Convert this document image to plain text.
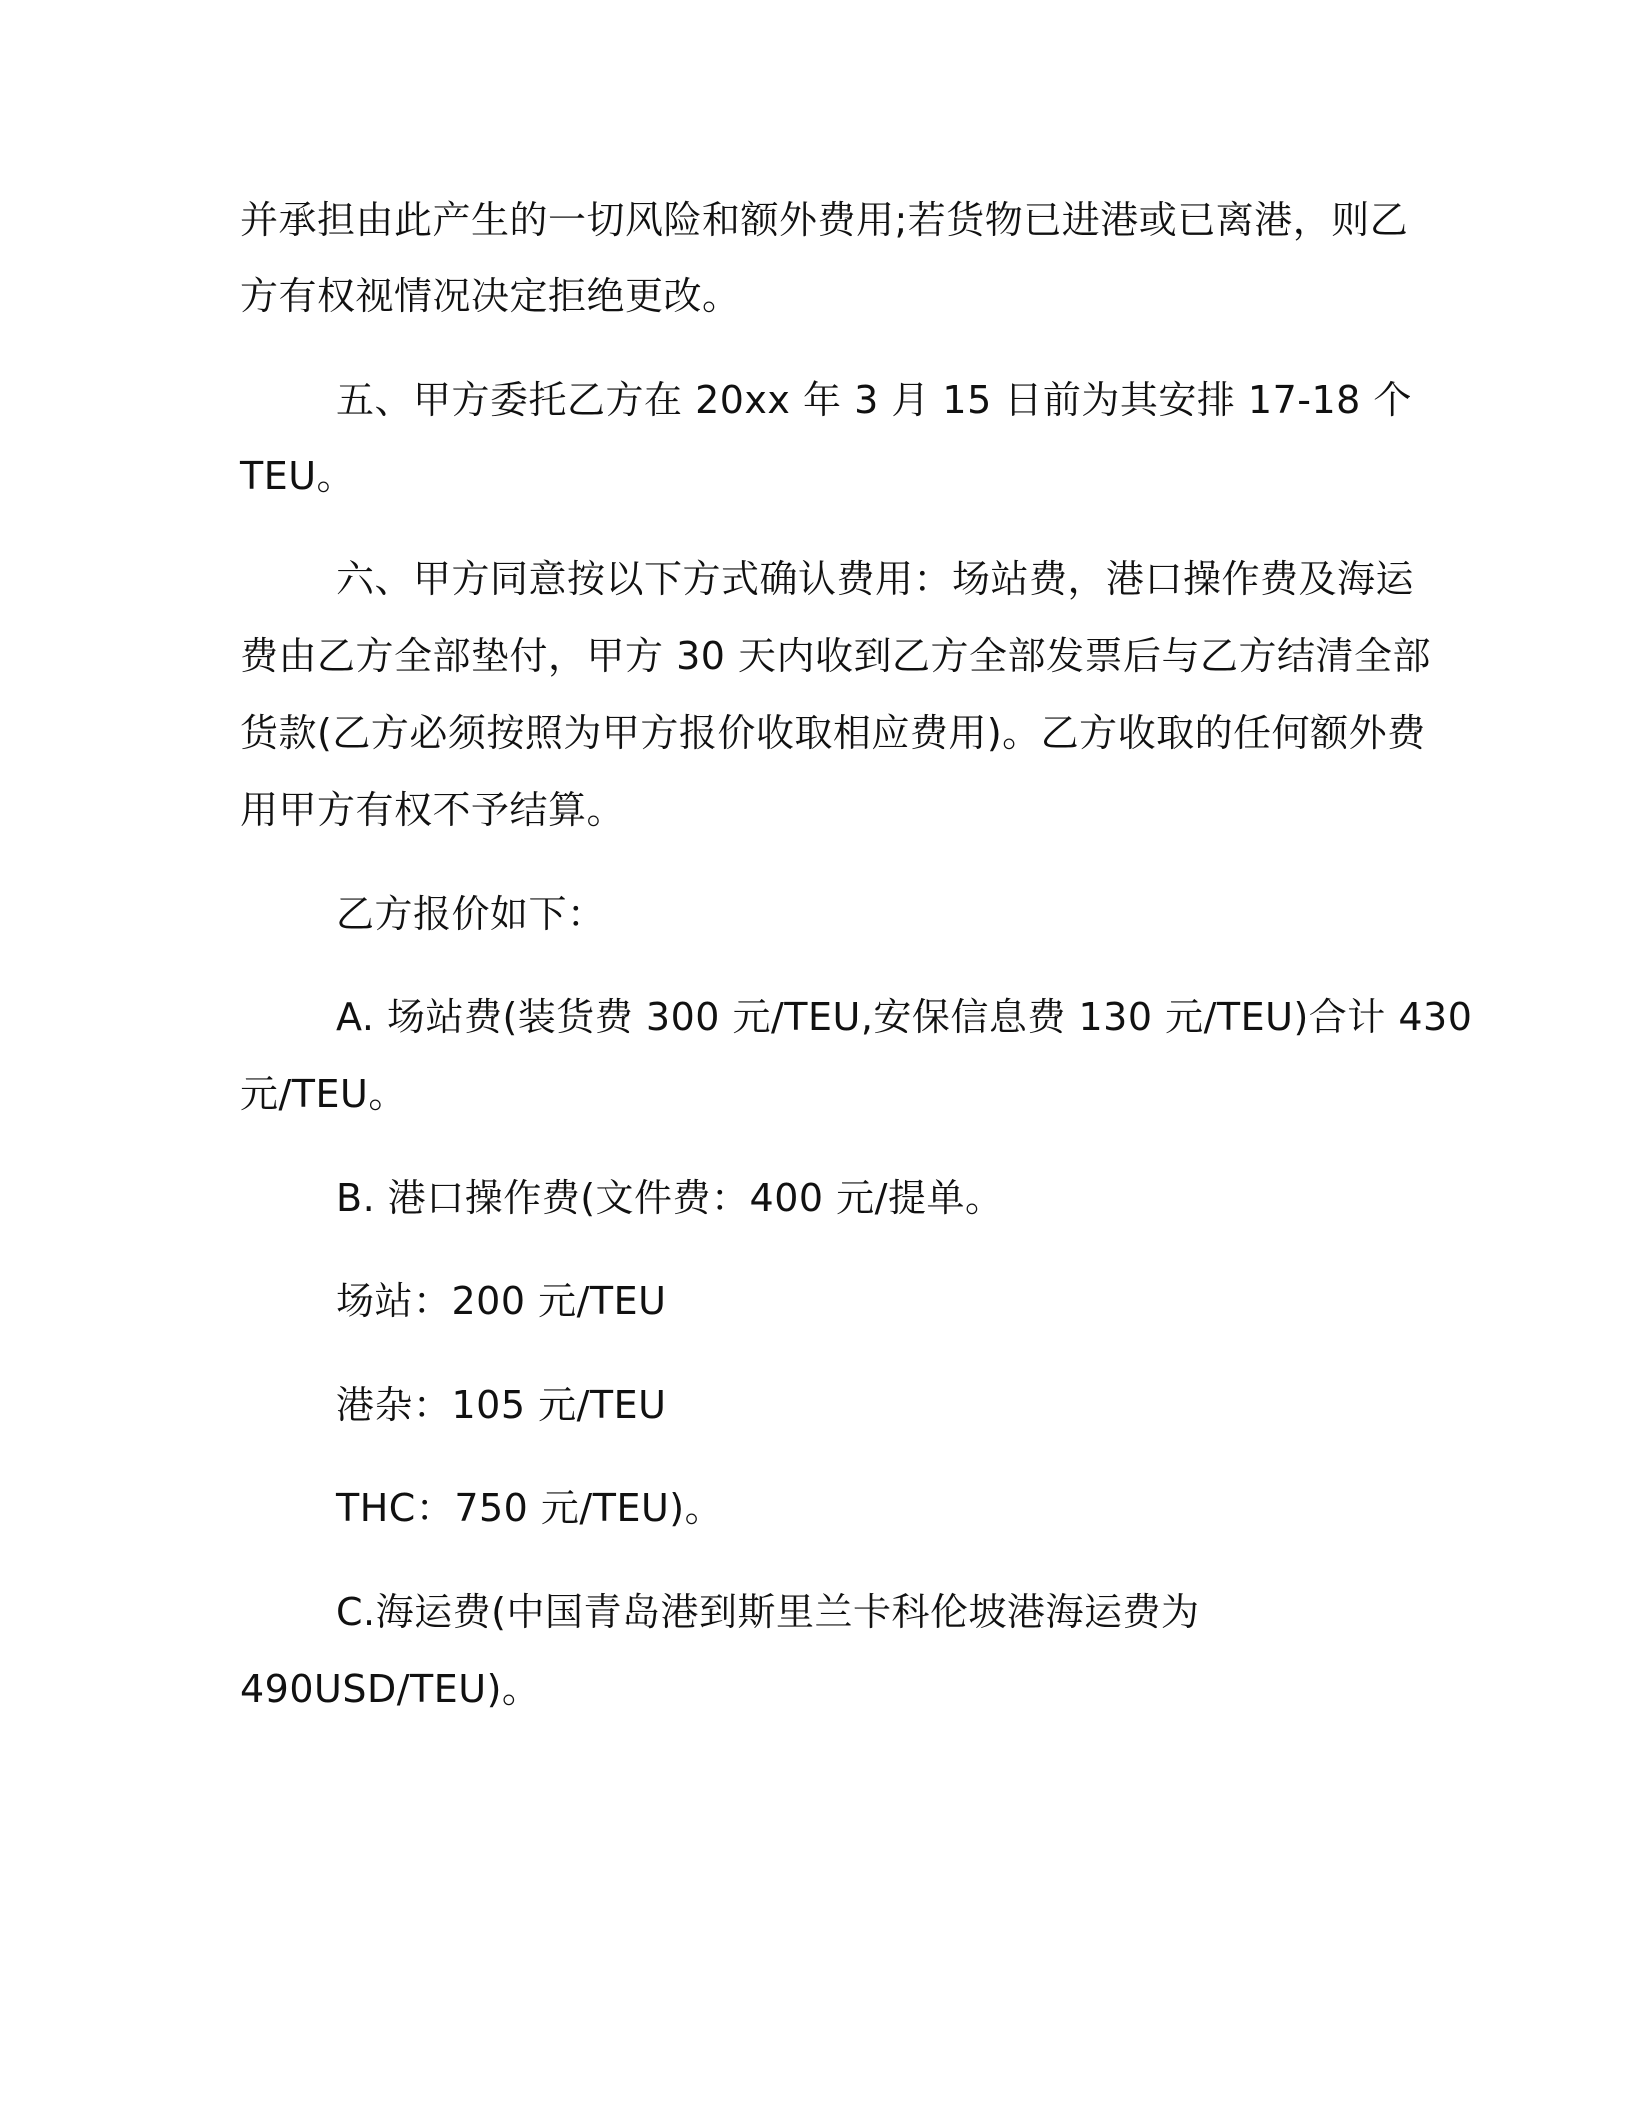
并承担由此产生的一切风险和额外费用;若货物已进港或已离港，则乙
方有权视情况决定拒绝更改。
五、甲方委托乙方在 20xx 年 3 月 15 日前为其安排 17-18 个
TEU。
六、甲方同意按以下方式确认费用：场站费，港口操作费及海运
费由乙方全部垫付，甲方 30 天内收到乙方全部发票后与乙方结清全部
货款(乙方必须按照为甲方报价收取相应费用)。乙方收取的任何额外费
用甲方有权不予结算。
乙方报价如下：
A. 场站费(装货费 300 元/TEU,安保信息费 130 元/TEU)合计 430
元/TEU。
B. 港口操作费(文件费：400 元/提单。
场站：200 元/TEU
港杂：105 元/TEU
THC：750 元/TEU)。
C.海运费(中国青岛港到斯里兰卡科伦坡港海运费为
490USD/TEU)。
